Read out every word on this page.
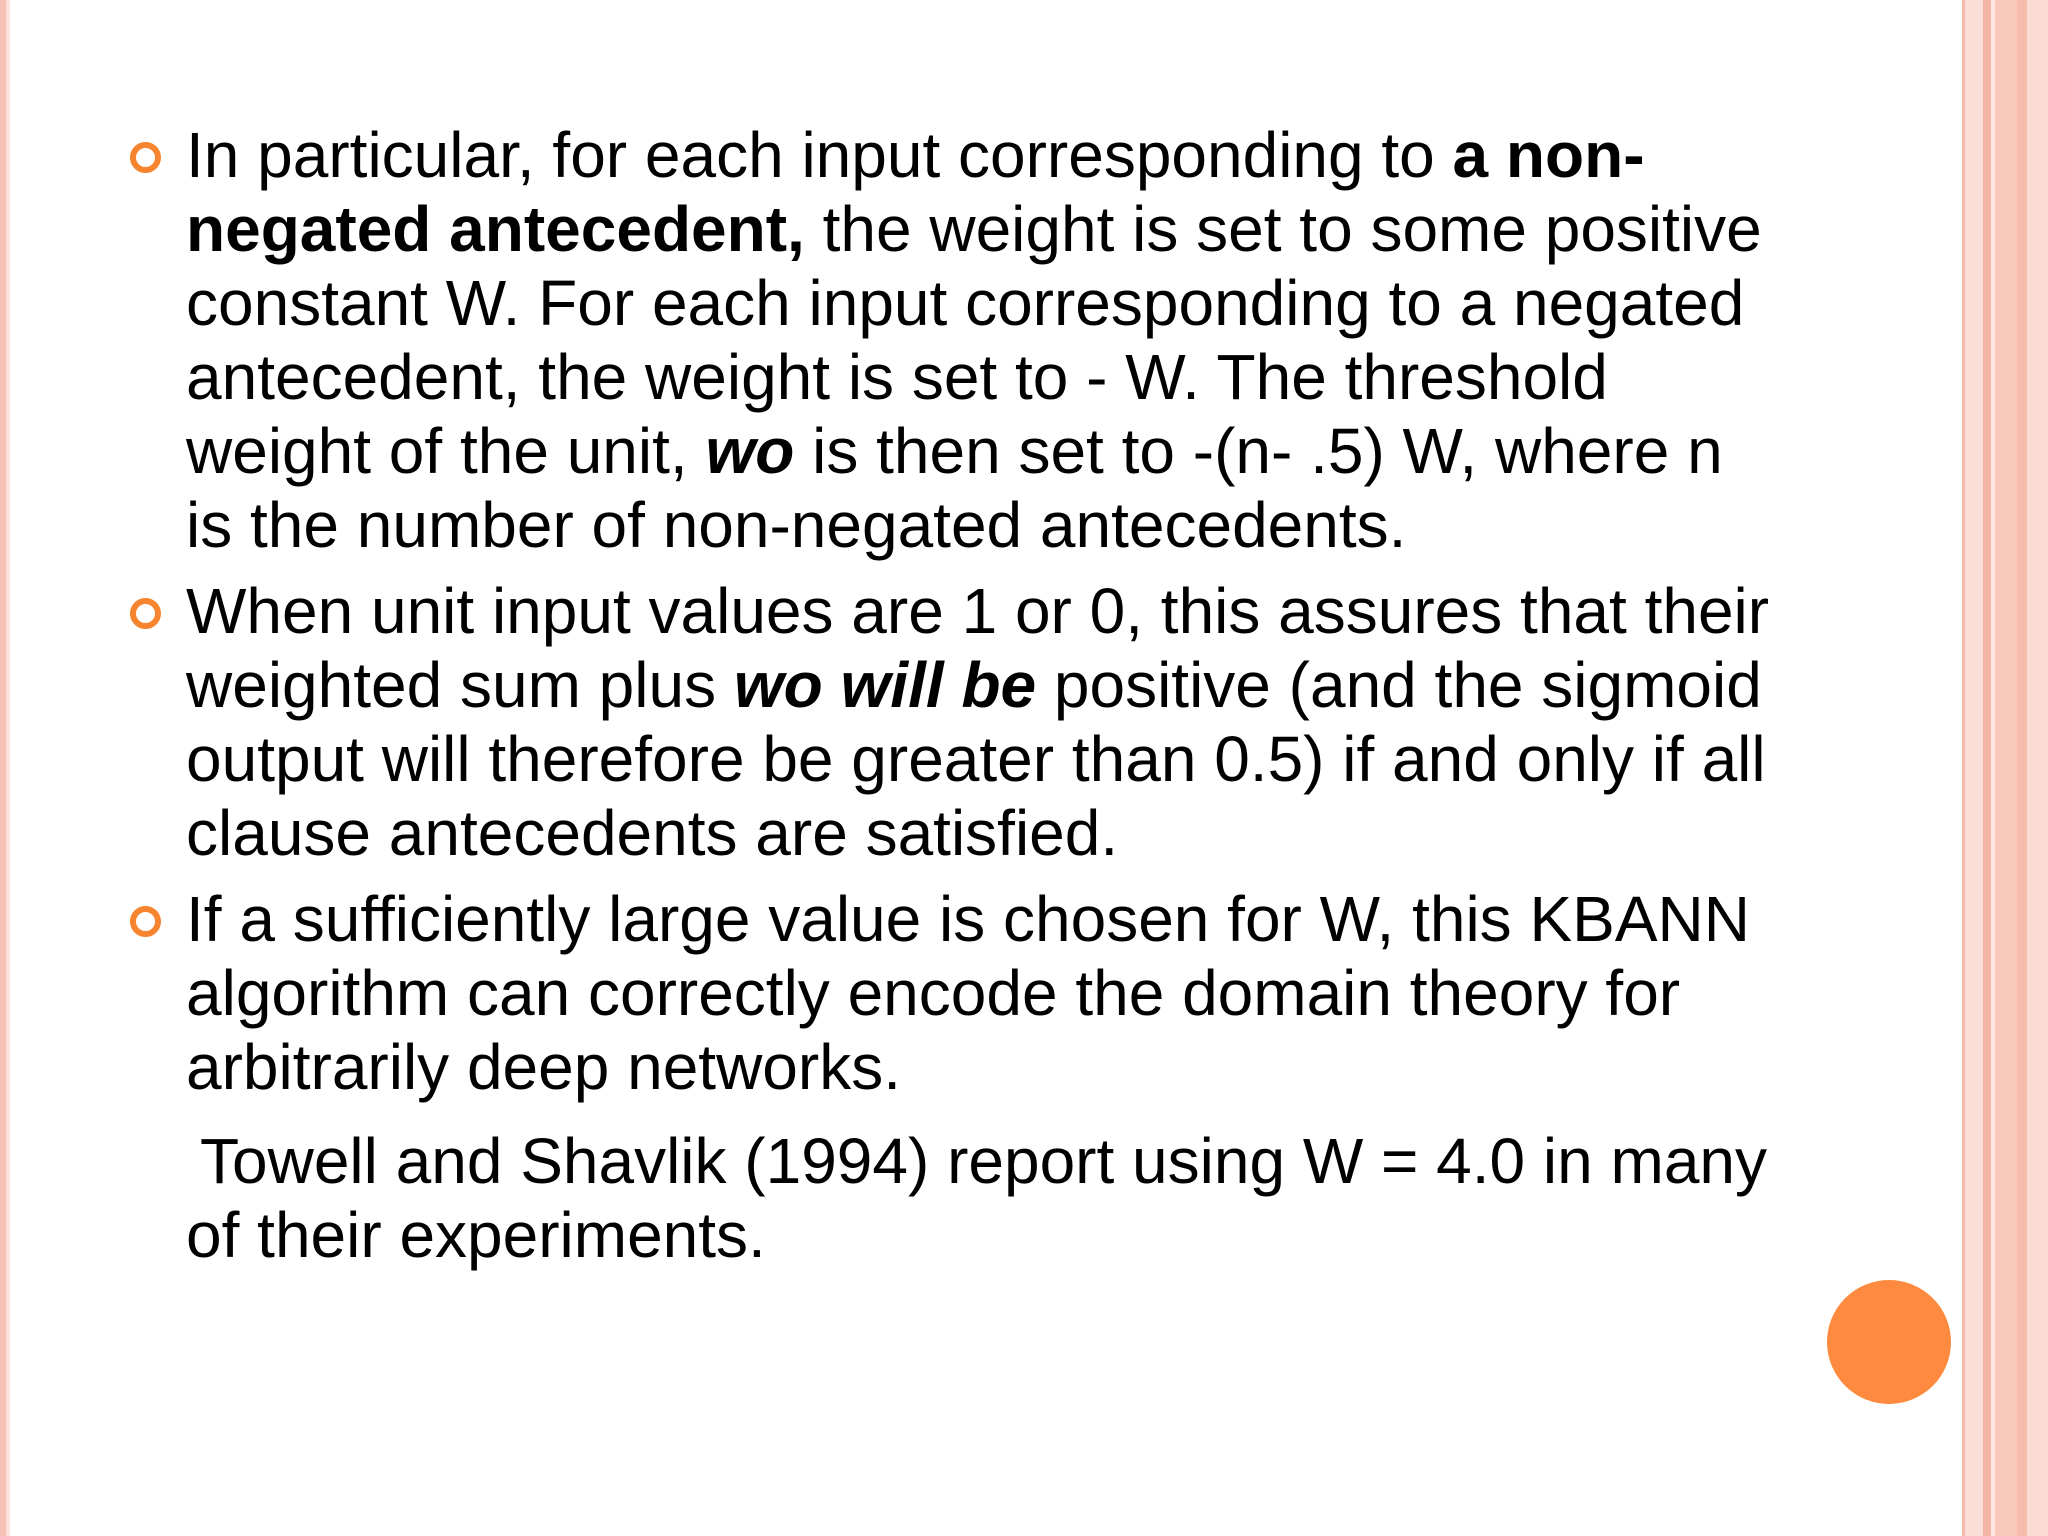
In particular, for each input corresponding to a non-negated antecedent, the weight is set to some positive constant W. For each input corresponding to a negated antecedent, the weight is set to - W. The threshold weight of the unit, wo is then set to -(n- .5) W, where n is the number of non-negated antecedents.
When unit input values are 1 or 0, this assures that their weighted sum plus wo will be positive (and the sigmoid output will therefore be greater than 0.5) if and only if all clause antecedents are satisfied.
If a sufficiently large value is chosen for W, this KBANN algorithm can correctly encode the domain theory for arbitrarily deep networks.
Towell and Shavlik (1994) report using W = 4.0 in many of their experiments.
